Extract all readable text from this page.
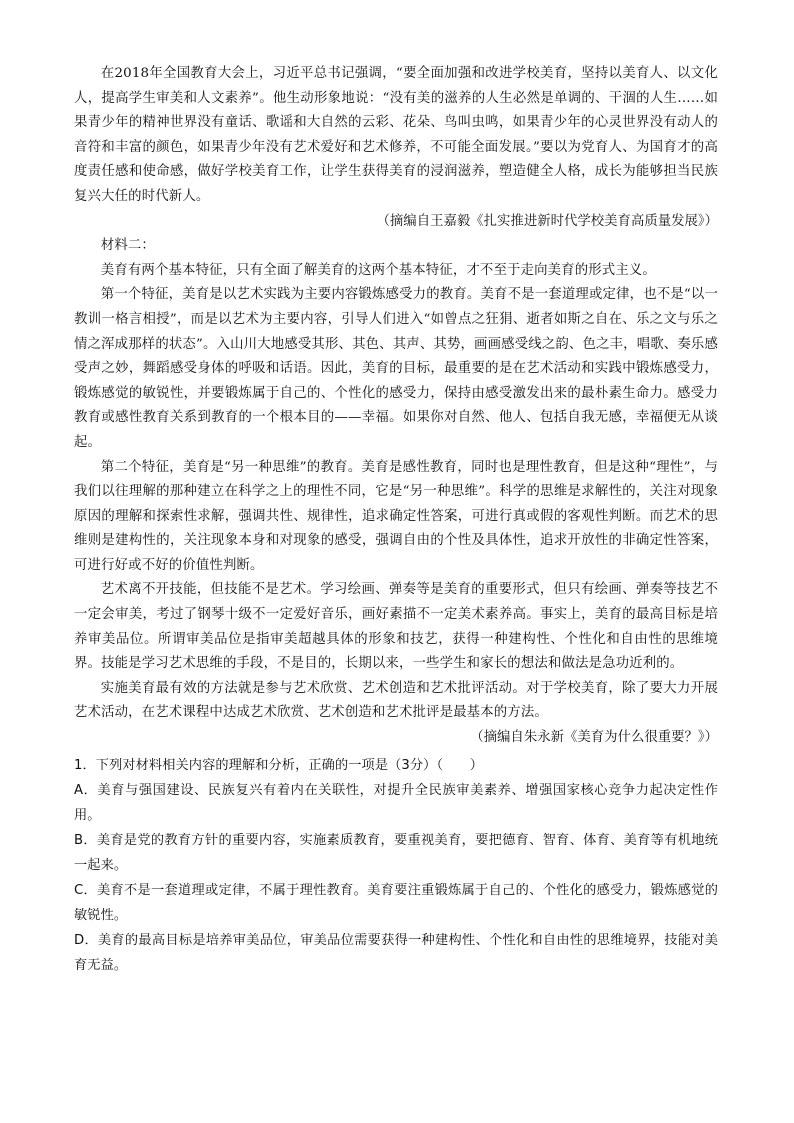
在2018年全国教育大会上，习近平总书记强调，“要全面加强和改进学校美育，坚持以美育人、以文化人，提高学生审美和人文素养”。他生动形象地说：“没有美的滋养的人生必然是单调的、干涸的人生……如果青少年的精神世界没有童话、歌谣和大自然的云彩、花朵、鸟叫虫鸣，如果青少年的心灵世界没有动人的音符和丰富的颜色，如果青少年没有艺术爱好和艺术修养，不可能全面发展。”要以为党育人、为国育才的高度责任感和使命感，做好学校美育工作，让学生获得美育的浸润滋养，塑造健全人格，成长为能够担当民族复兴大任的时代新人。

（摘编自王嘉毅《扎实推进新时代学校美育高质量发展》）

材料二：

美育有两个基本特征，只有全面了解美育的这两个基本特征，才不至于走向美育的形式主义。

第一个特征，美育是以艺术实践为主要内容锻炼感受力的教育。美育不是一套道理或定律，也不是“以一教训一格言相授”，而是以艺术为主要内容，引导人们进入“如曾点之狂狷、逝者如斯之自在、乐之文与乐之情之浑成那样的状态”。入山川大地感受其形、其色、其声、其势，画画感受线之韵、色之丰，唱歌、奏乐感受声之妙，舞蹈感受身体的呼吸和话语。因此，美育的目标，最重要的是在艺术活动和实践中锻炼感受力，锻炼感觉的敏锐性，并要锻炼属于自己的、个性化的感受力，保持由感受激发出来的最朴素生命力。感受力教育或感性教育关系到教育的一个根本目的——幸福。如果你对自然、他人、包括自我无感，幸福便无从谈起。

第二个特征，美育是“另一种思维”的教育。美育是感性教育，同时也是理性教育，但是这种“理性”，与我们以往理解的那种建立在科学之上的理性不同，它是“另一种思维”。科学的思维是求解性的，关注对现象原因的理解和探索性求解，强调共性、规律性，追求确定性答案，可进行真或假的客观性判断。而艺术的思维则是建构性的，关注现象本身和对现象的感受，强调自由的个性及具体性，追求开放性的非确定性答案，可进行好或不好的价值性判断。

艺术离不开技能，但技能不是艺术。学习绘画、弹奏等是美育的重要形式，但只有绘画、弹奏等技艺不一定会审美，考过了钢琴十级不一定爱好音乐，画好素描不一定美术素养高。事实上，美育的最高目标是培养审美品位。所谓审美品位是指审美超越具体的形象和技艺，获得一种建构性、个性化和自由性的思维境界。技能是学习艺术思维的手段，不是目的，长期以来，一些学生和家长的想法和做法是急功近利的。

实施美育最有效的方法就是参与艺术欣赏、艺术创造和艺术批评活动。对于学校美育，除了要大力开展艺术活动，在艺术课程中达成艺术欣赏、艺术创造和艺术批评是最基本的方法。

（摘编自朱永新《美育为什么很重要？》）

1．下列对材料相关内容的理解和分析，正确的一项是（3分）（　　）

A．美育与强国建设、民族复兴有着内在关联性，对提升全民族审美素养、增强国家核心竞争力起决定性作用。

B．美育是党的教育方针的重要内容，实施素质教育，要重视美育，要把德育、智育、体育、美育等有机地统一起来。

C．美育不是一套道理或定律，不属于理性教育。美育要注重锻炼属于自己的、个性化的感受力，锻炼感觉的敏锐性。

D．美育的最高目标是培养审美品位，审美品位需要获得一种建构性、个性化和自由性的思维境界，技能对美育无益。
